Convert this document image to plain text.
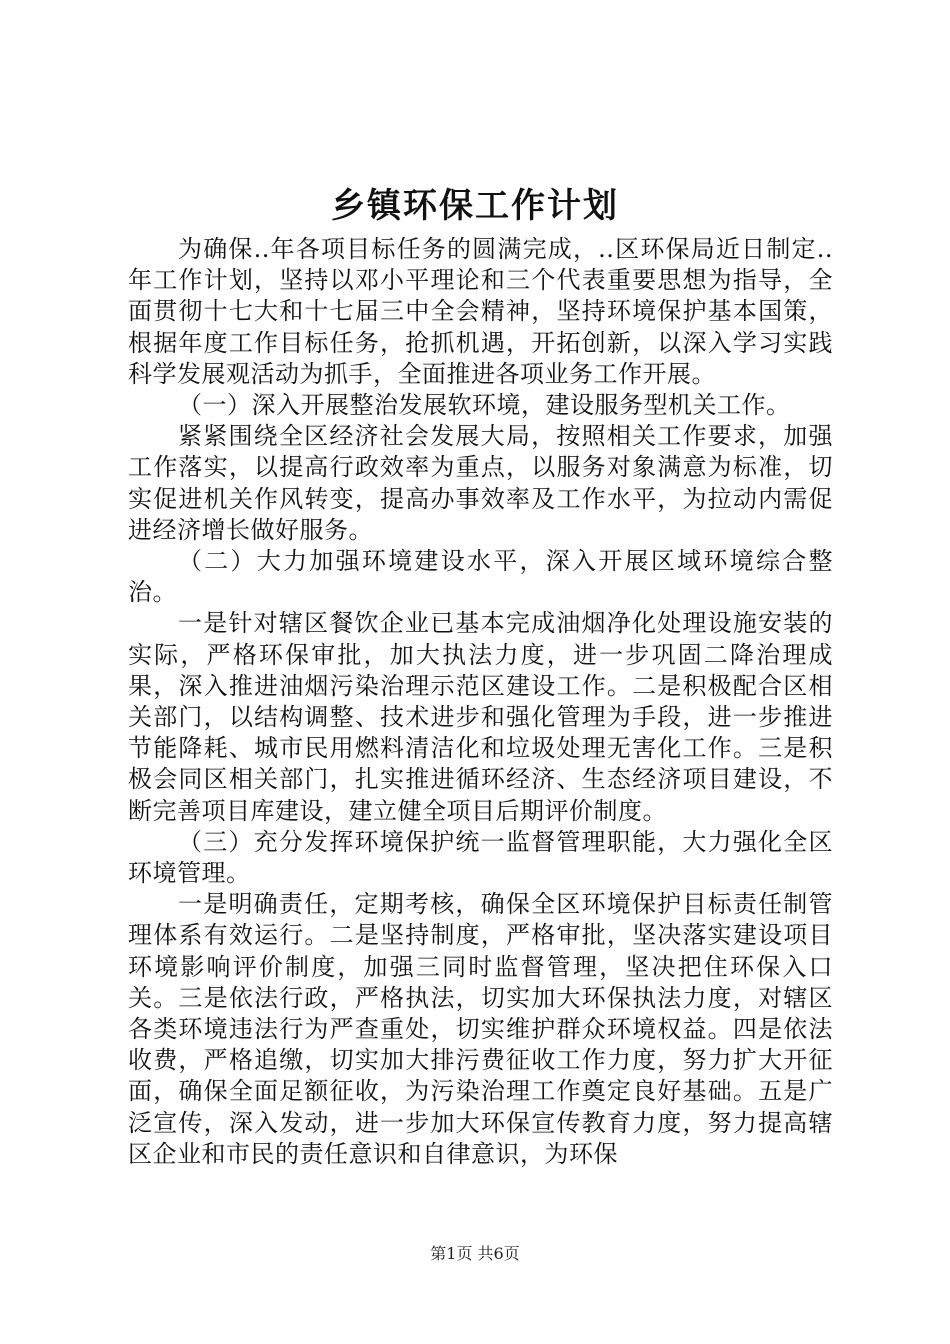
乡镇环保工作计划

为确保..年各项目标任务的圆满完成，..区环保局近日制定..年工作计划，坚持以邓小平理论和三个代表重要思想为指导，全面贯彻十七大和十七届三中全会精神，坚持环境保护基本国策，根据年度工作目标任务，抢抓机遇，开拓创新，以深入学习实践科学发展观活动为抓手，全面推进各项业务工作开展。

（一）深入开展整治发展软环境，建设服务型机关工作。

紧紧围绕全区经济社会发展大局，按照相关工作要求，加强工作落实，以提高行政效率为重点，以服务对象满意为标准，切实促进机关作风转变，提高办事效率及工作水平，为拉动内需促进经济增长做好服务。

（二）大力加强环境建设水平，深入开展区域环境综合整治。

一是针对辖区餐饮企业已基本完成油烟净化处理设施安装的实际，严格环保审批，加大执法力度，进一步巩固二降治理成果，深入推进油烟污染治理示范区建设工作。二是积极配合区相关部门，以结构调整、技术进步和强化管理为手段，进一步推进节能降耗、城市民用燃料清洁化和垃圾处理无害化工作。三是积极会同区相关部门，扎实推进循环经济、生态经济项目建设，不断完善项目库建设，建立健全项目后期评价制度。

（三）充分发挥环境保护统一监督管理职能，大力强化全区环境管理。

一是明确责任，定期考核，确保全区环境保护目标责任制管理体系有效运行。二是坚持制度，严格审批，坚决落实建设项目环境影响评价制度，加强三同时监督管理，坚决把住环保入口关。三是依法行政，严格执法，切实加大环保执法力度，对辖区各类环境违法行为严查重处，切实维护群众环境权益。四是依法收费，严格追缴，切实加大排污费征收工作力度，努力扩大开征面，确保全面足额征收，为污染治理工作奠定良好基础。五是广泛宣传，深入发动，进一步加大环保宣传教育力度，努力提高辖区企业和市民的责任意识和自律意识，为环保

第1页 共6页
